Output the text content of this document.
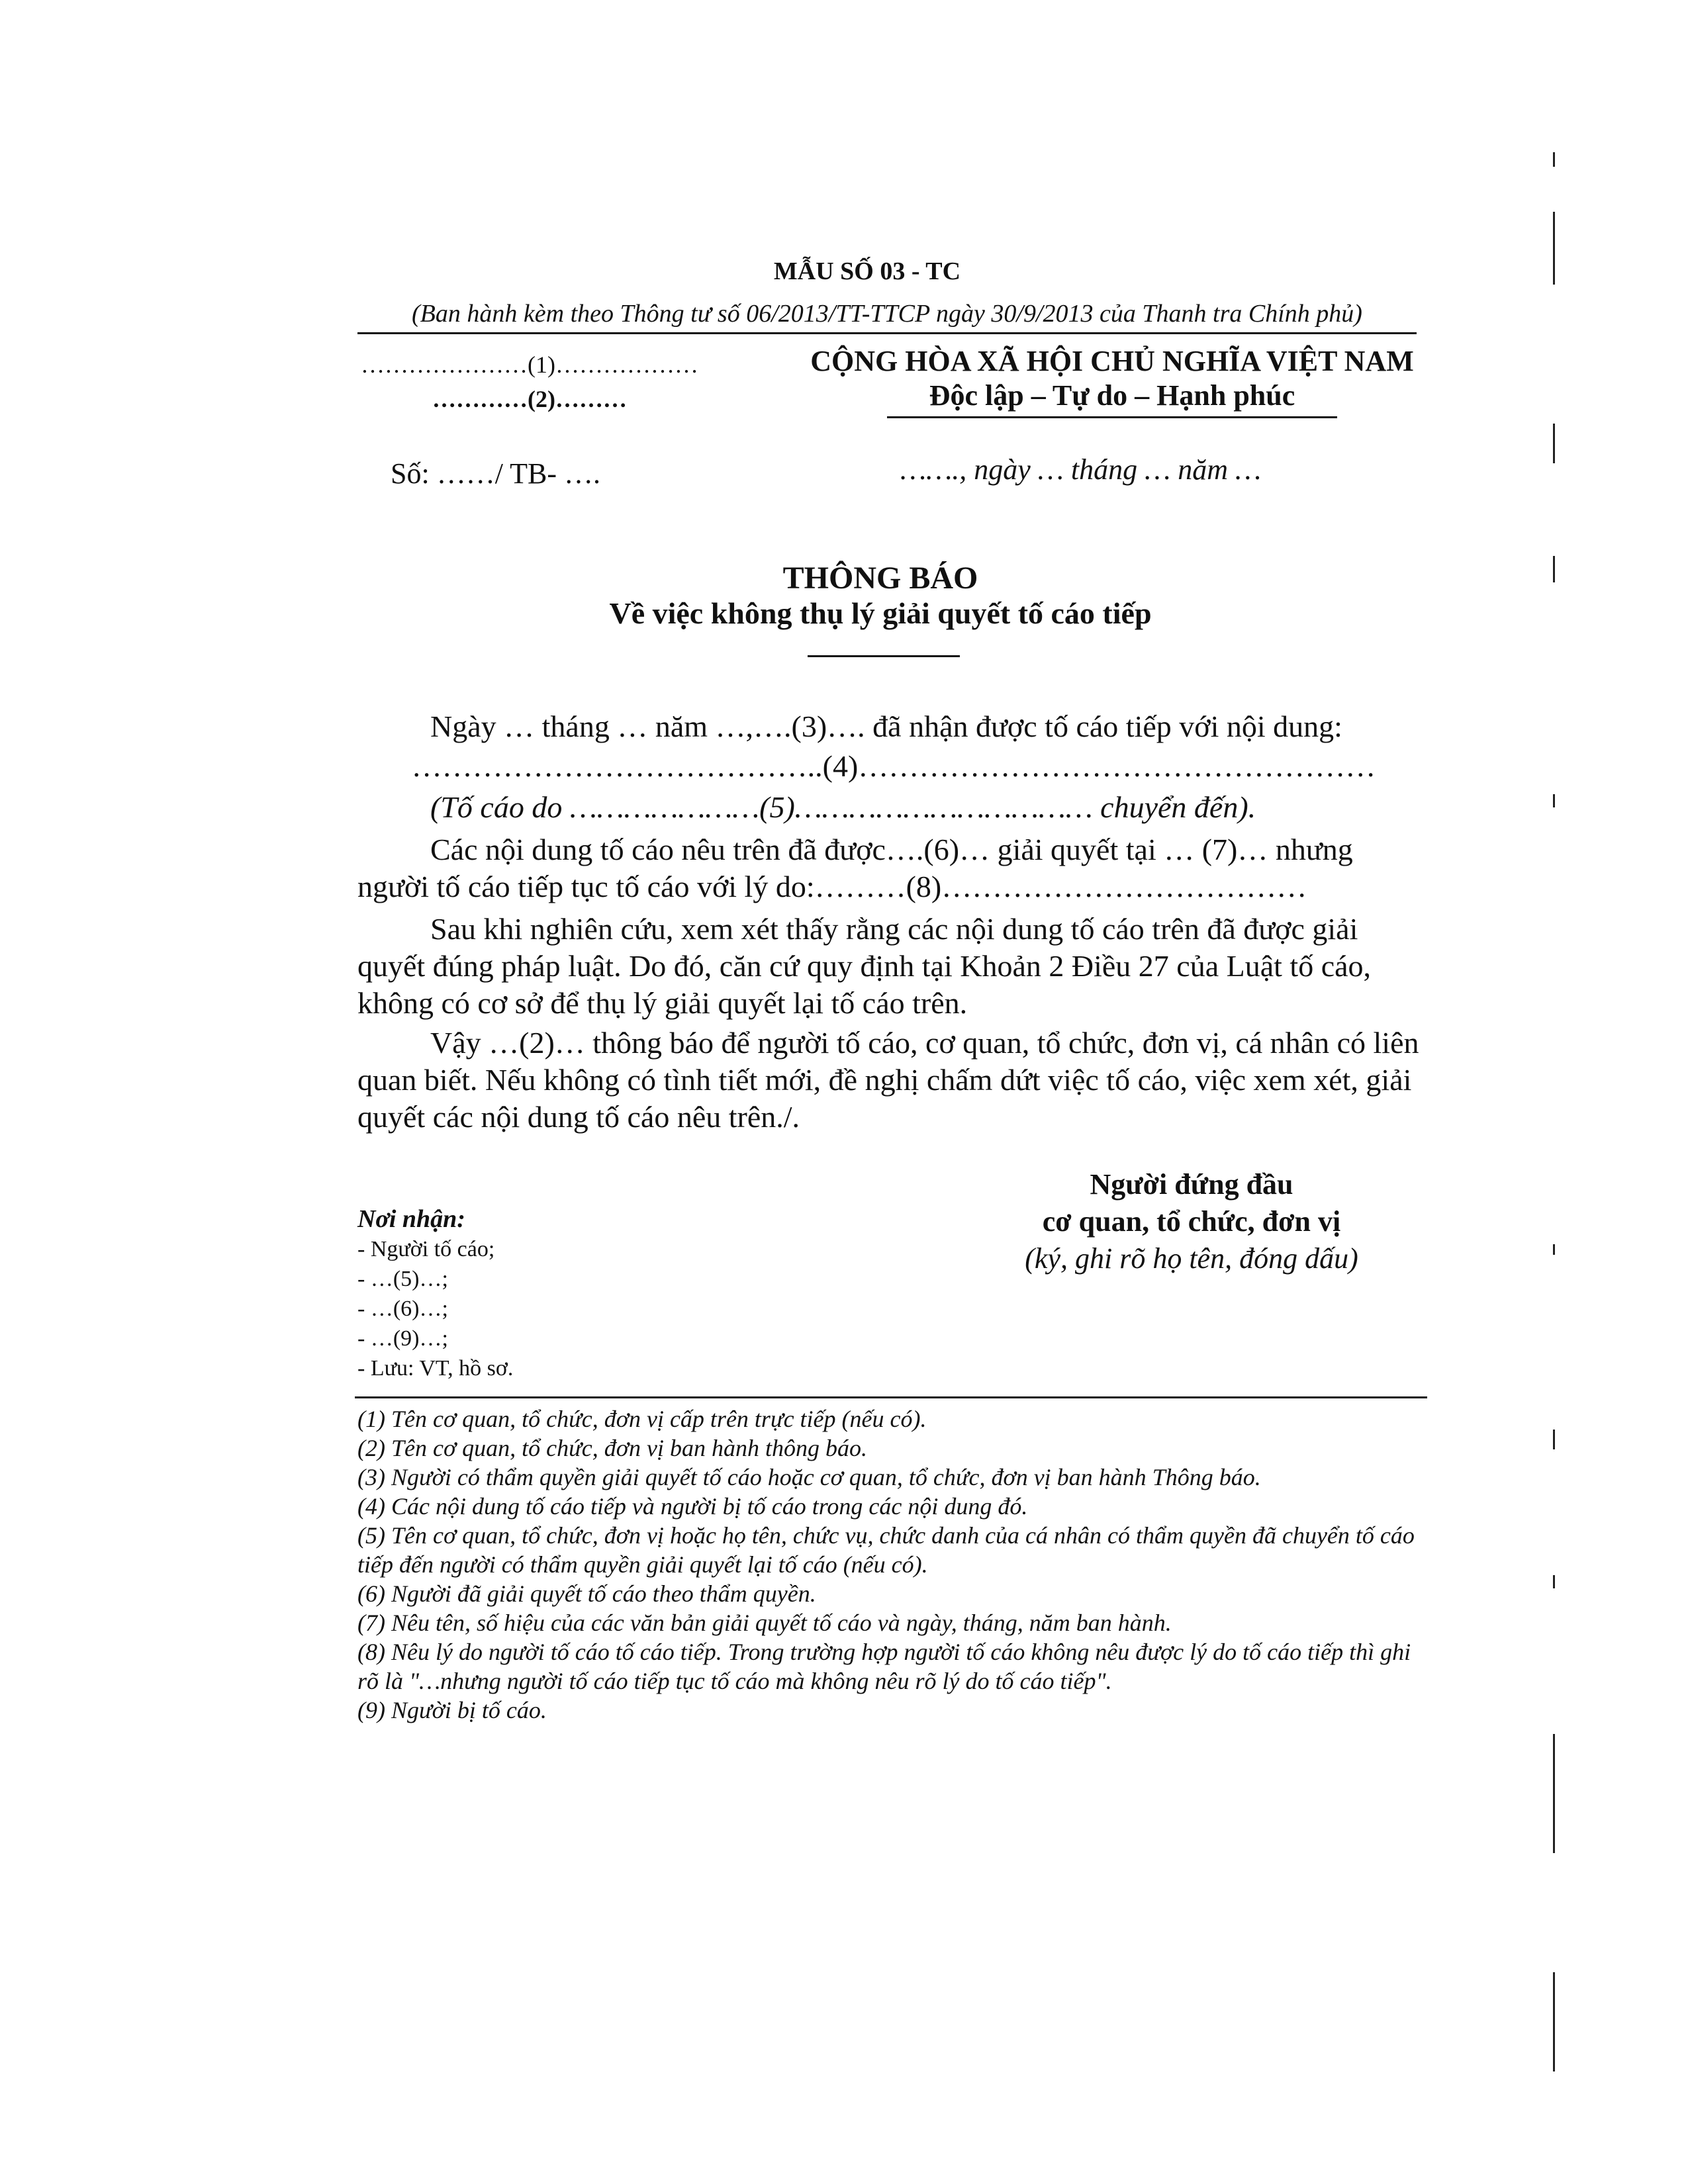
MẪU SỐ 03 - TC
(Ban hành kèm theo Thông tư số 06/2013/TT-TTCP ngày 30/9/2013 của Thanh tra Chính phủ)
…………………(1)………………
…………(2)………
CỘNG HÒA XÃ HỘI CHỦ NGHĨA VIỆT NAM
Độc lập – Tự do – Hạnh phúc
Số: ……/ TB- ….	……., ngày … tháng … năm …
THÔNG BÁO
Về việc không thụ lý giải quyết tố cáo tiếp
Ngày … tháng … năm …,….(3)…. đã nhận được tố cáo tiếp với nội dung:
…………………………………..(4)……………………………………………
(Tố cáo do …………………(5)…………………………… chuyển đến).
Các nội dung tố cáo nêu trên đã được….(6)… giải quyết tại … (7)… nhưng người tố cáo tiếp tục tố cáo với lý do:………(8)………………………………
Sau khi nghiên cứu, xem xét thấy rằng các nội dung tố cáo trên đã được giải quyết đúng pháp luật. Do đó, căn cứ quy định tại Khoản 2 Điều 27 của Luật tố cáo, không có cơ sở để thụ lý giải quyết lại tố cáo trên.
Vậy …(2)… thông báo để người tố cáo, cơ quan, tổ chức, đơn vị, cá nhân có liên quan biết. Nếu không có tình tiết mới, đề nghị chấm dứt việc tố cáo, việc xem xét, giải quyết các nội dung tố cáo nêu trên./.
Người đứng đầu
cơ quan, tổ chức, đơn vị
(ký, ghi rõ họ tên, đóng dấu)
Nơi nhận:
- Người tố cáo;
- …(5)…;
- …(6)…;
- …(9)…;
- Lưu: VT, hồ sơ.

(1) Tên cơ quan, tổ chức, đơn vị cấp trên trực tiếp (nếu có).

(2) Tên cơ quan, tổ chức, đơn vị ban hành thông báo.

(3) Người có thẩm quyền giải quyết tố cáo hoặc cơ quan, tổ chức, đơn vị ban hành Thông báo.

(4) Các nội dung tố cáo tiếp và người bị tố cáo trong các nội dung đó.

(5) Tên cơ quan, tổ chức, đơn vị hoặc họ tên, chức vụ, chức danh của cá nhân có thẩm quyền đã chuyển tố cáo tiếp đến người có thẩm quyền giải quyết lại tố cáo (nếu có).

(6) Người đã giải quyết tố cáo theo thẩm quyền.

(7) Nêu tên, số hiệu của các văn bản giải quyết tố cáo và ngày, tháng, năm ban hành.

(8) Nêu lý do người tố cáo tố cáo tiếp. Trong trường hợp người tố cáo không nêu được lý do tố cáo tiếp thì ghi rõ là "…nhưng người tố cáo tiếp tục tố cáo mà không nêu rõ lý do tố cáo tiếp".

(9) Người bị tố cáo.
